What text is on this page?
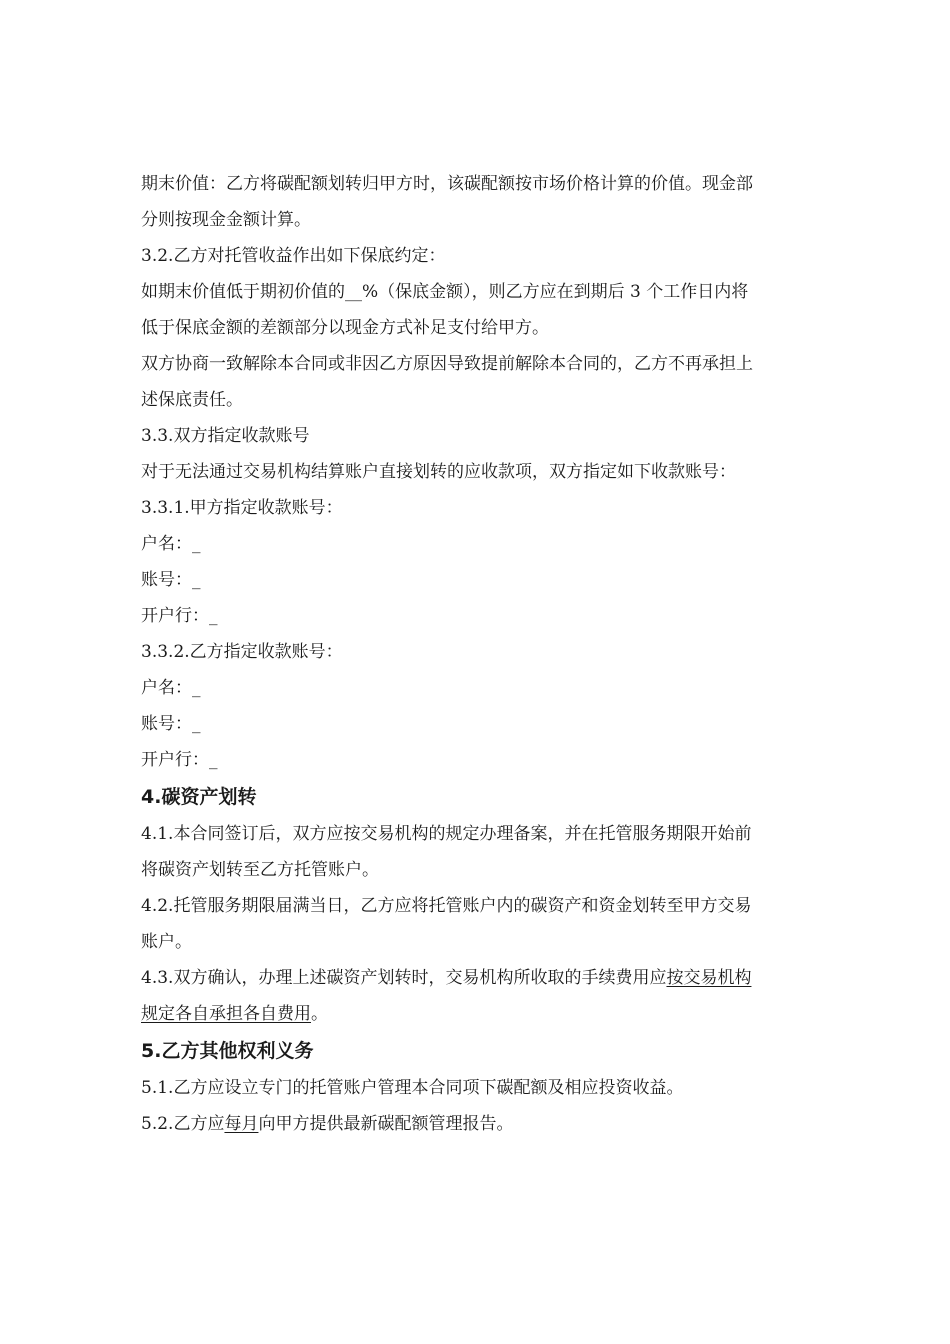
期末价值：乙方将碳配额划转归甲方时，该碳配额按市场价格计算的价值。现金部
分则按现金金额计算。
3.2.乙方对托管收益作出如下保底约定：
如期末价值低于期初价值的__%（保底金额），则乙方应在到期后 3 个工作日内将
低于保底金额的差额部分以现金方式补足支付给甲方。
双方协商一致解除本合同或非因乙方原因导致提前解除本合同的，乙方不再承担上
述保底责任。
3.3.双方指定收款账号
对于无法通过交易机构结算账户直接划转的应收款项，双方指定如下收款账号：
3.3.1.甲方指定收款账号：
户名：_
账号：_
开户行：_
3.3.2.乙方指定收款账号：
户名：_
账号：_
开户行：_
4.碳资产划转
4.1.本合同签订后，双方应按交易机构的规定办理备案，并在托管服务期限开始前
将碳资产划转至乙方托管账户。
4.2.托管服务期限届满当日，乙方应将托管账户内的碳资产和资金划转至甲方交易
账户。
4.3.双方确认，办理上述碳资产划转时，交易机构所收取的手续费用应按交易机构
规定各自承担各自费用。
5.乙方其他权利义务
5.1.乙方应设立专门的托管账户管理本合同项下碳配额及相应投资收益。
5.2.乙方应每月向甲方提供最新碳配额管理报告。
